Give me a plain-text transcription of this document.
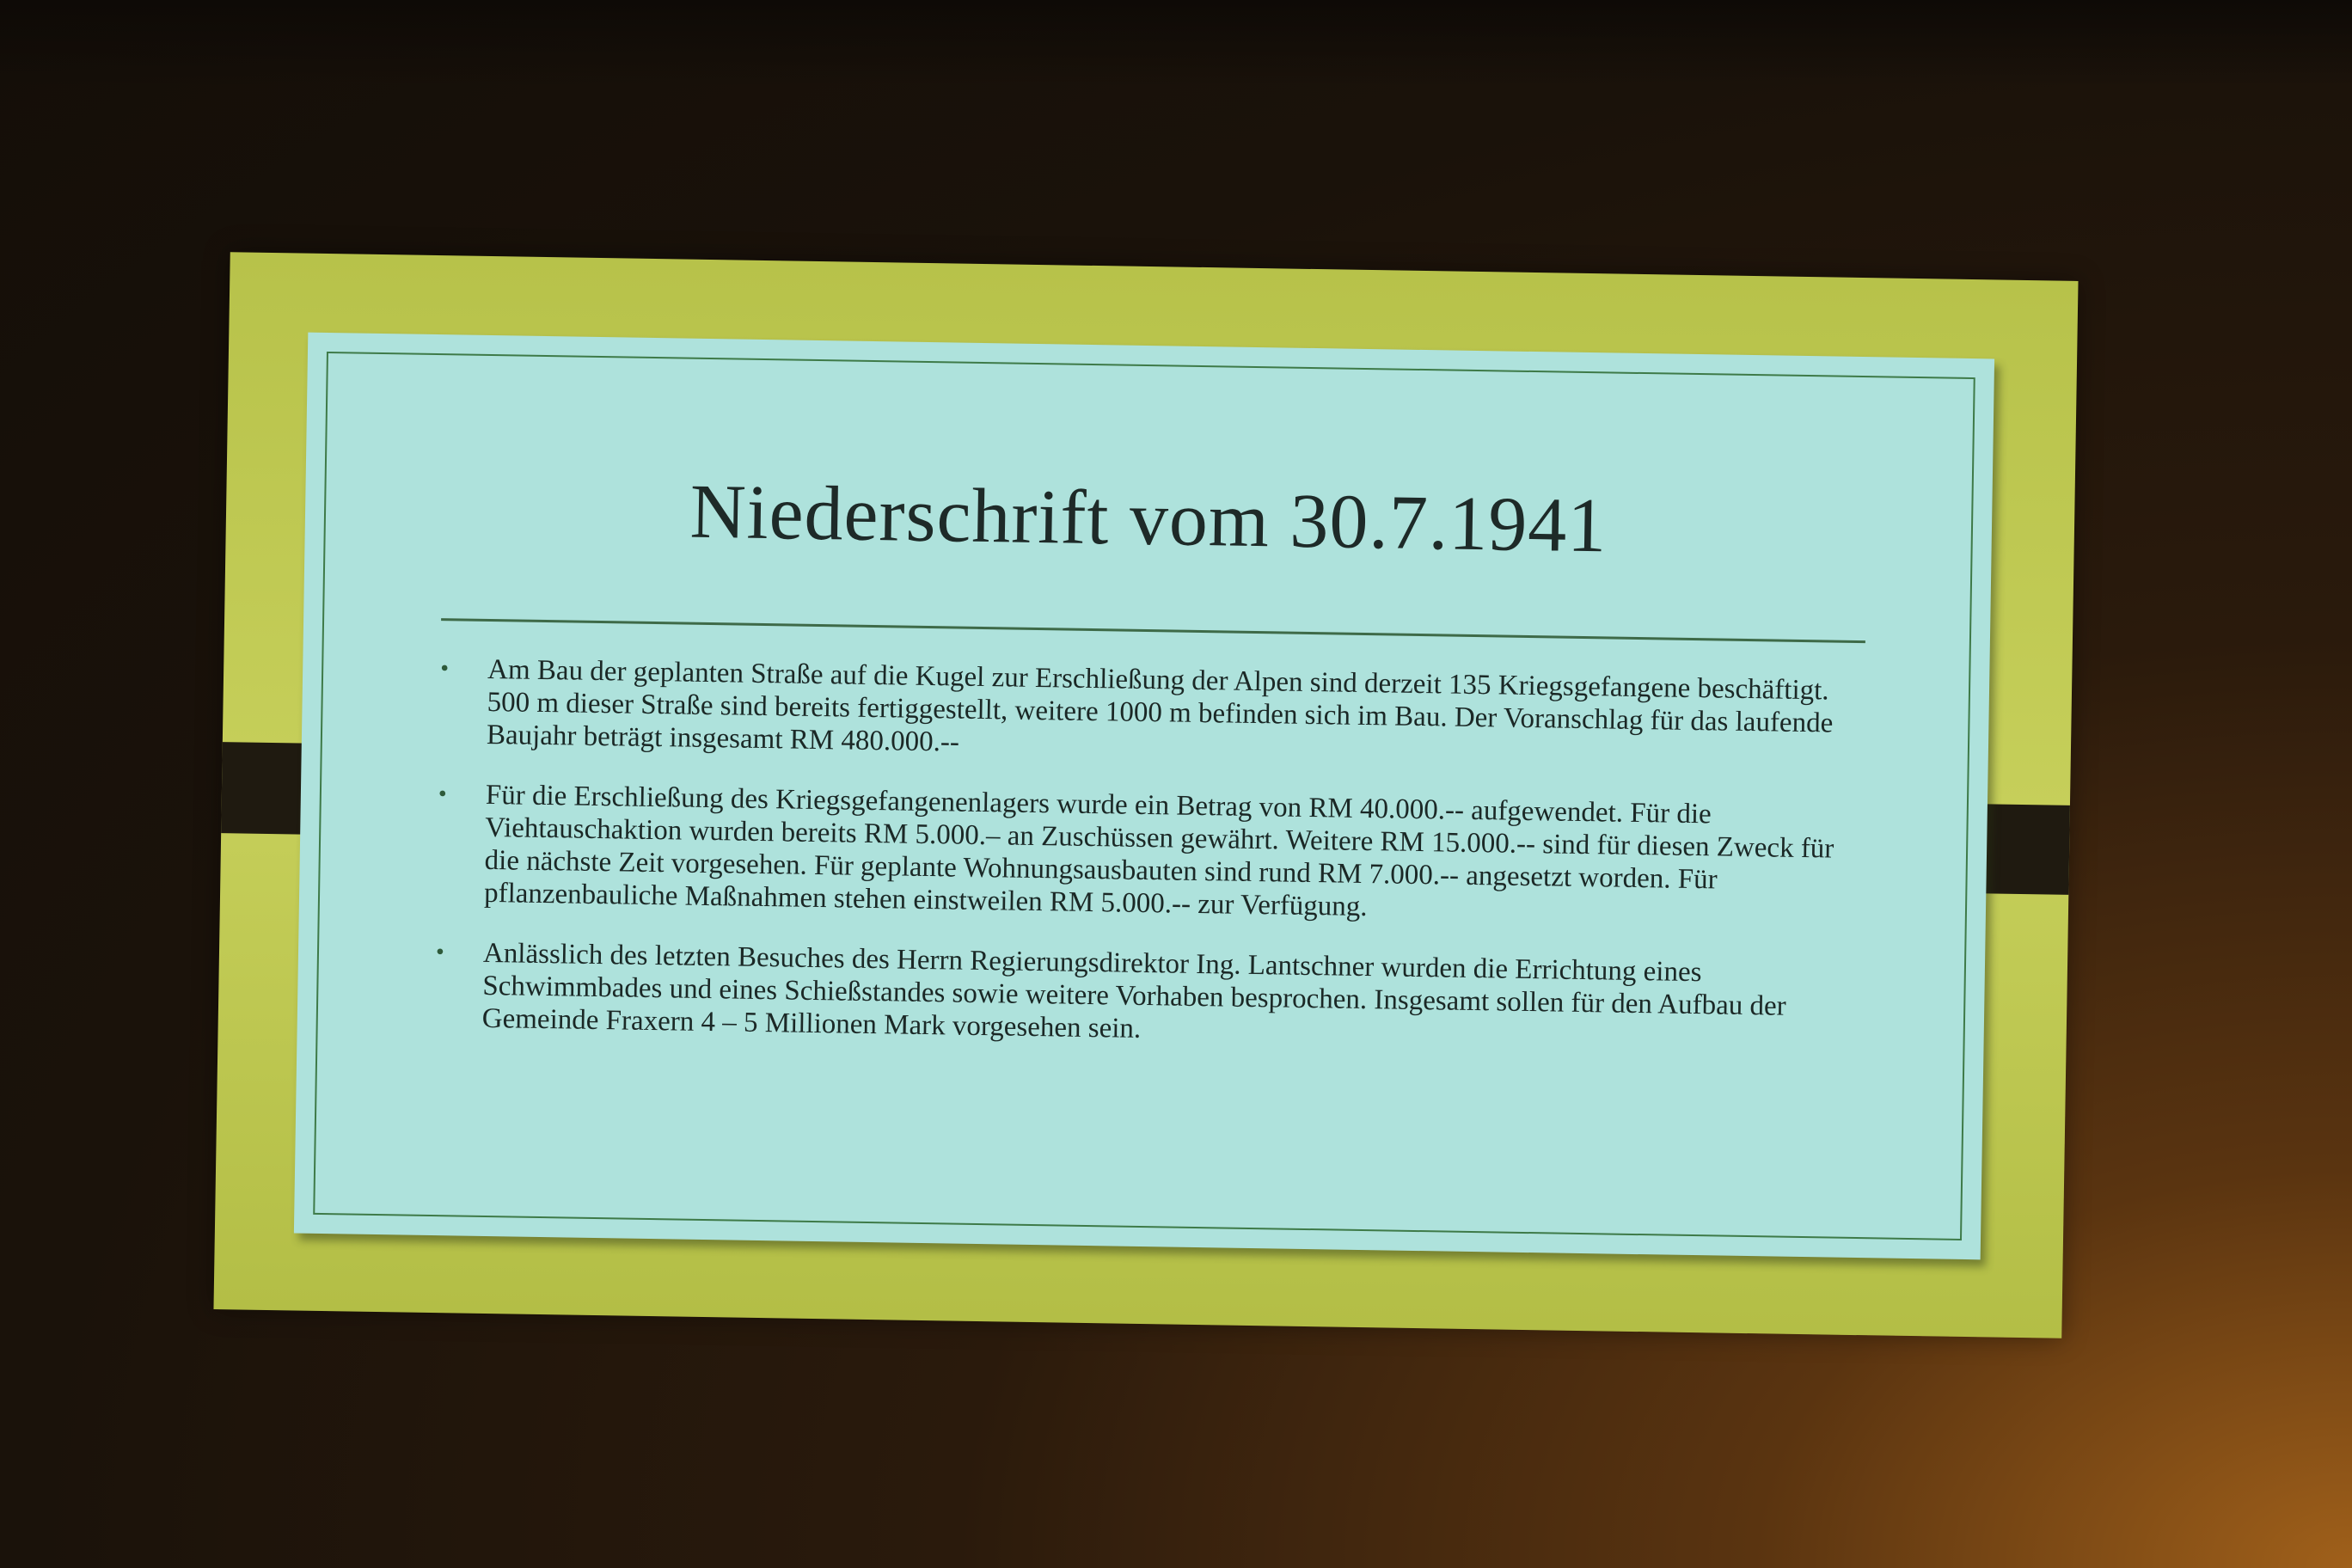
Niederschrift vom 30.7.1941
• Am Bau der geplanten Straße auf die Kugel zur Erschließung der Alpen sind derzeit 135 Kriegsgefangene beschäftigt. 500 m dieser Straße sind bereits fertiggestellt, weitere 1000 m befinden sich im Bau. Der Voranschlag für das laufende Baujahr beträgt insgesamt RM 480.000.--
• Für die Erschließung des Kriegsgefangenenlagers wurde ein Betrag von RM 40.000.-- aufgewendet. Für die Viehtauschaktion wurden bereits RM 5.000.– an Zuschüssen gewährt. Weitere RM 15.000.-- sind für diesen Zweck für die nächste Zeit vorgesehen. Für geplante Wohnungsausbauten sind rund RM 7.000.-- angesetzt worden. Für pflanzenbauliche Maßnahmen stehen einstweilen RM 5.000.-- zur Verfügung.
• Anlässlich des letzten Besuches des Herrn Regierungsdirektor Ing. Lantschner wurden die Errichtung eines Schwimmbades und eines Schießstandes sowie weitere Vorhaben besprochen. Insgesamt sollen für den Aufbau der Gemeinde Fraxern 4 – 5 Millionen Mark vorgesehen sein.
